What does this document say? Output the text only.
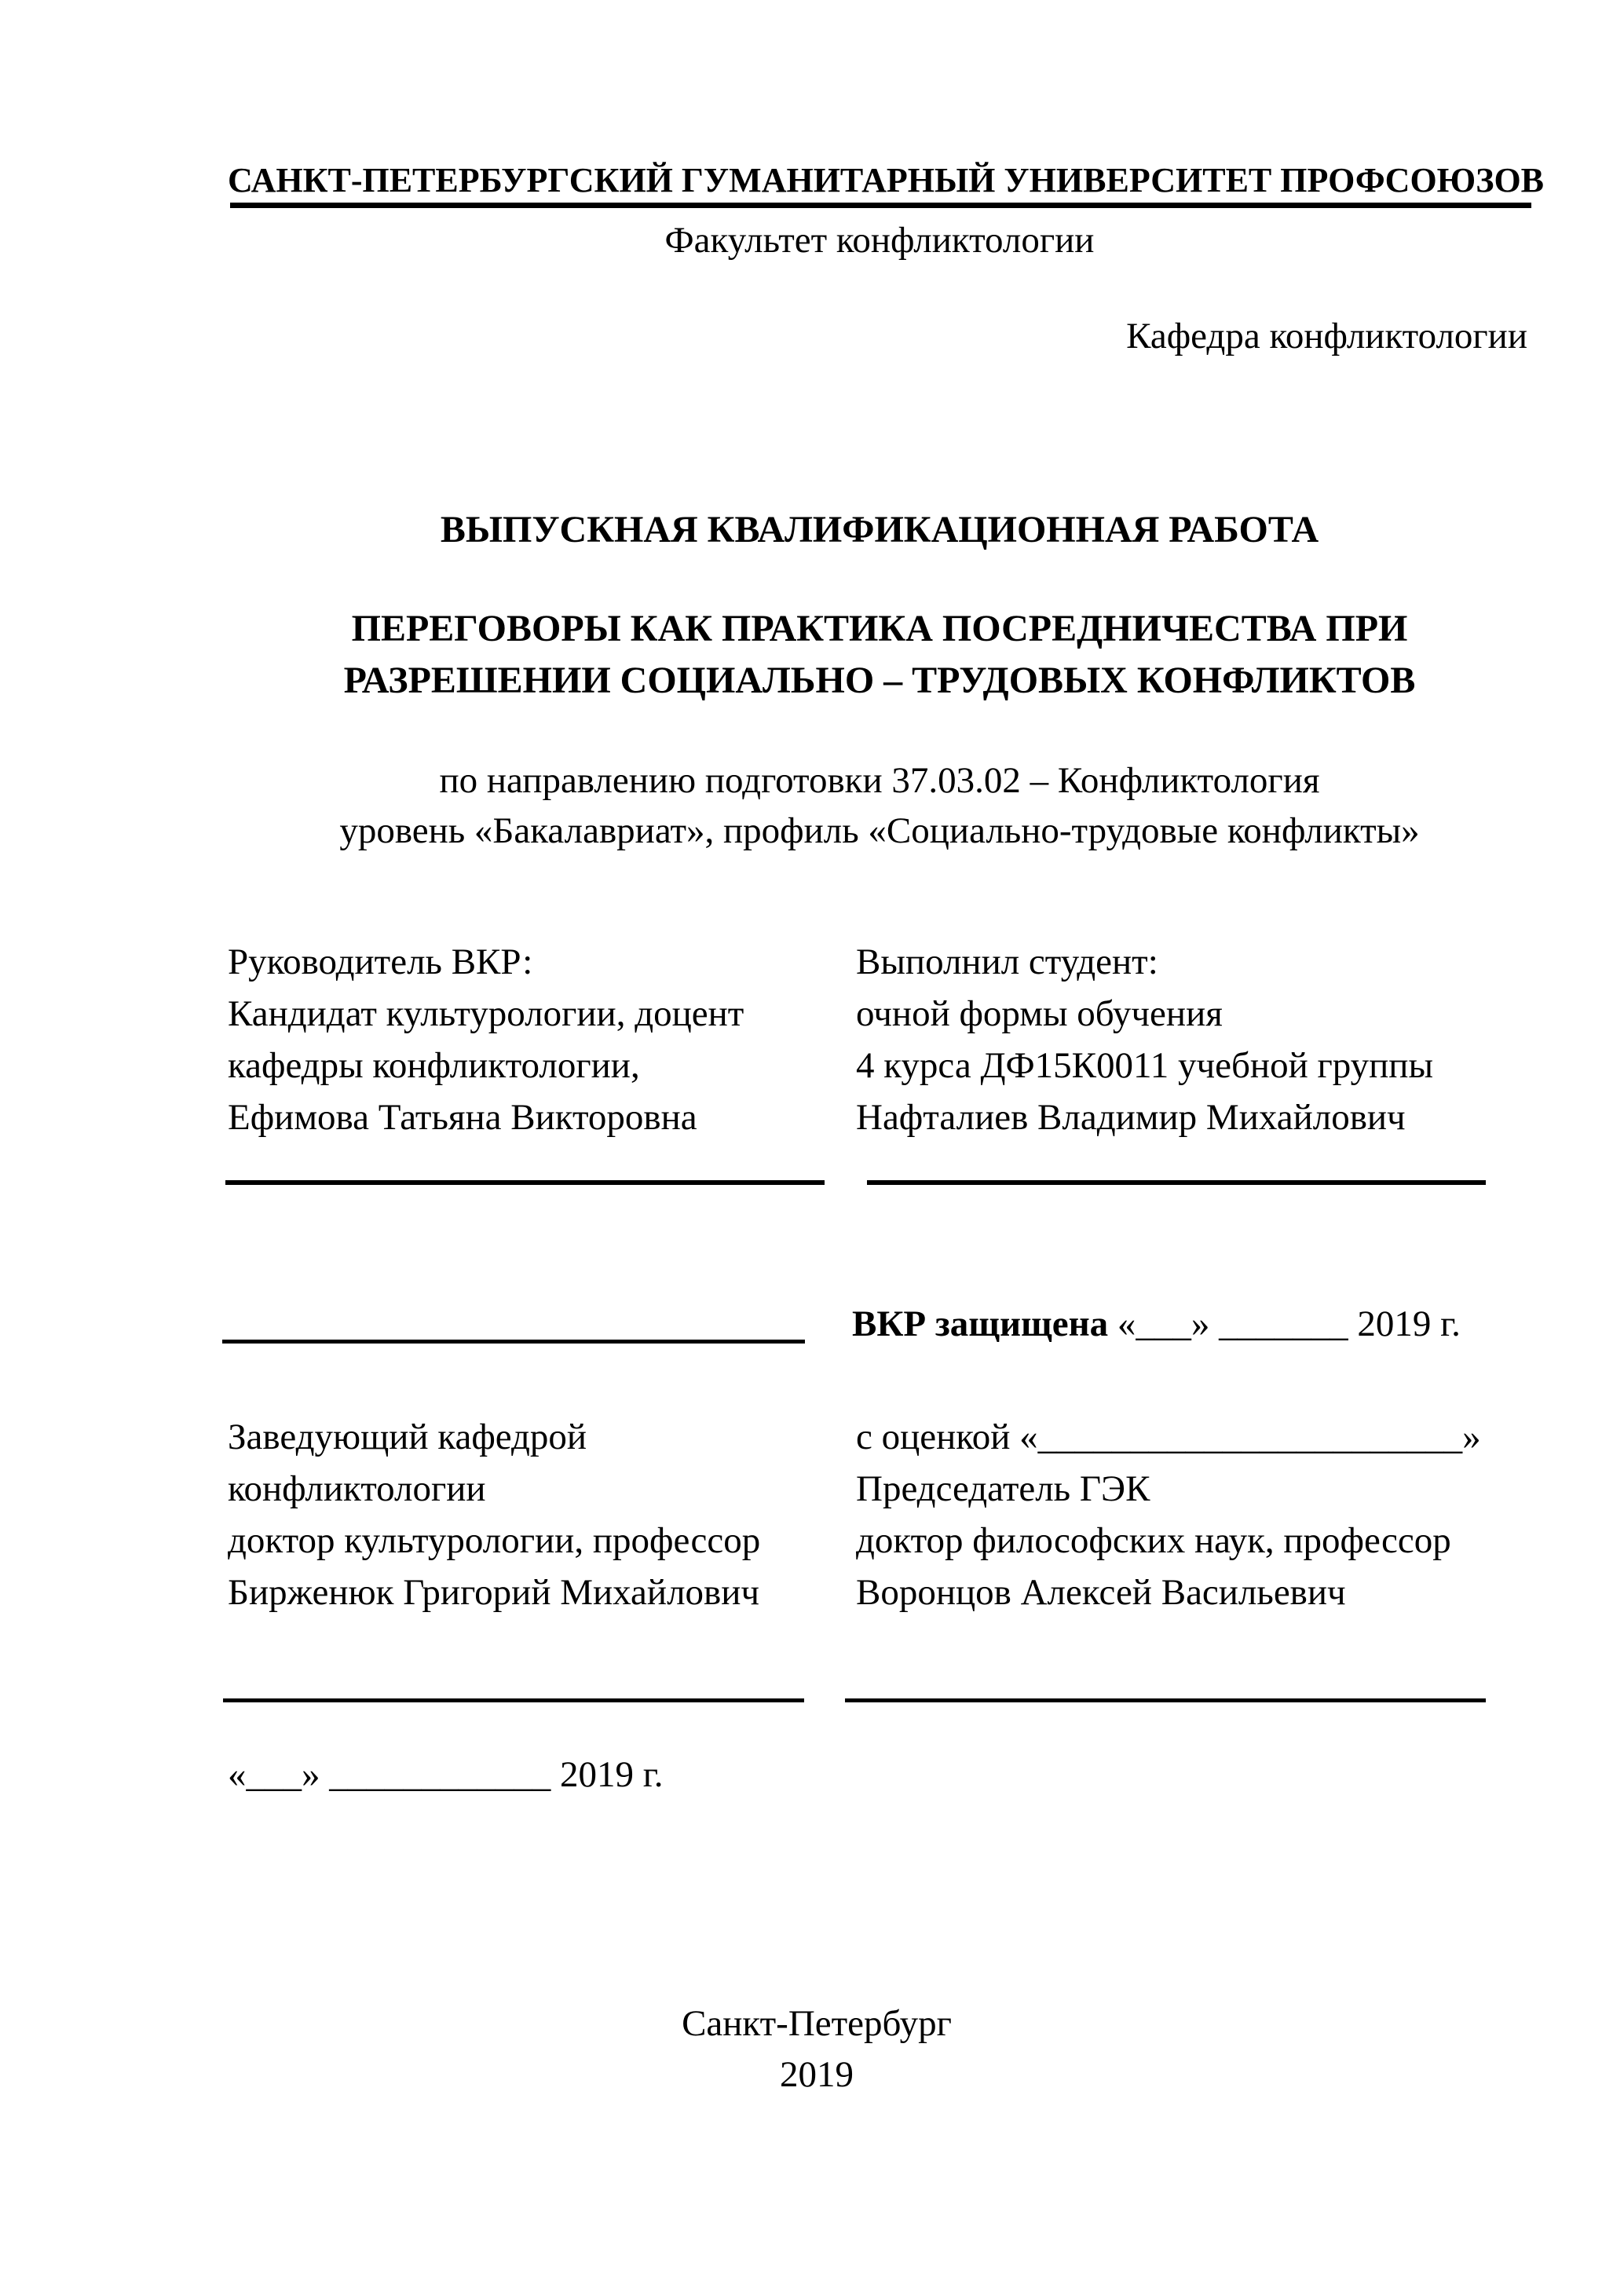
САНКТ-ПЕТЕРБУРГСКИЙ ГУМАНИТАРНЫЙ УНИВЕРСИТЕТ ПРОФСОЮЗОВ
Факультет конфликтологии
Кафедра конфликтологии
ВЫПУСКНАЯ КВАЛИФИКАЦИОННАЯ РАБОТА
ПЕРЕГОВОРЫ КАК ПРАКТИКА ПОСРЕДНИЧЕСТВА ПРИ
РАЗРЕШЕНИИ СОЦИАЛЬНО – ТРУДОВЫХ КОНФЛИКТОВ
по направлению подготовки 37.03.02 – Конфликтология
уровень «Бакалавриат», профиль «Социально-трудовые конфликты»
Руководитель ВКР:
Кандидат культурологии, доцент
кафедры конфликтологии,
Ефимова Татьяна Викторовна
Выполнил студент:
очной формы обучения
4 курса ДФ15К0011 учебной группы
Нафталиев Владимир Михайлович
ВКР защищена «___» _______ 2019 г.
Заведующий кафедрой
конфликтологии
доктор культурологии, профессор
Бирженюк Григорий Михайлович
с оценкой «_______________________»
Председатель ГЭК
доктор философских наук, профессор
Воронцов Алексей Васильевич
«___» ____________ 2019 г.
Санкт-Петербург
2019
